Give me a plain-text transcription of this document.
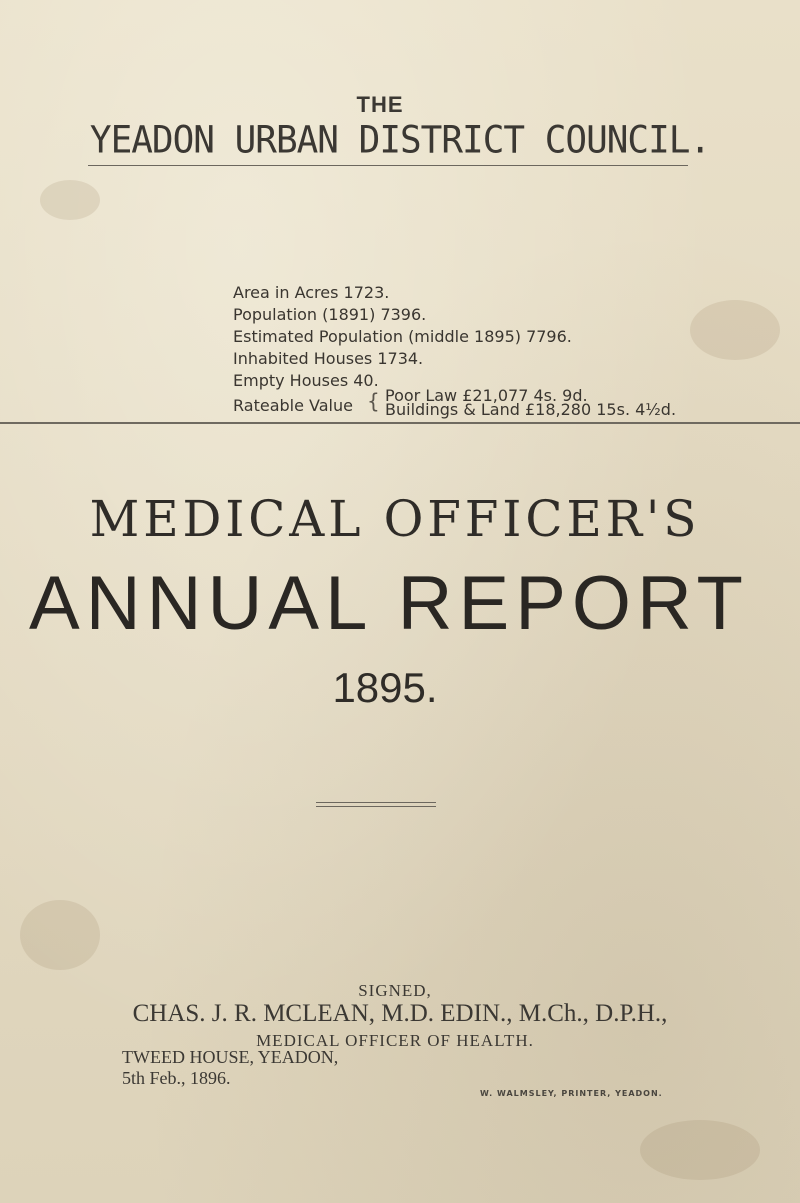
THE
YEADON URBAN DISTRICT COUNCIL.
Area in Acres 1723.
Population (1891) 7396.
Estimated Population (middle 1895) 7796.
Inhabited Houses 1734.
Empty Houses 40.
Rateable Value { Poor Law £21,077 4s. 9d.
Buildings & Land £18,280 15s. 4½d.
MEDICAL OFFICER'S
ANNUAL REPORT
1895.
SIGNED,
CHAS. J. R. MCLEAN, M.D. EDIN., M.Ch., D.P.H.,
MEDICAL OFFICER OF HEALTH.
TWEED HOUSE, YEADON,
5th Feb., 1896.
W. WALMSLEY, PRINTER, YEADON.
